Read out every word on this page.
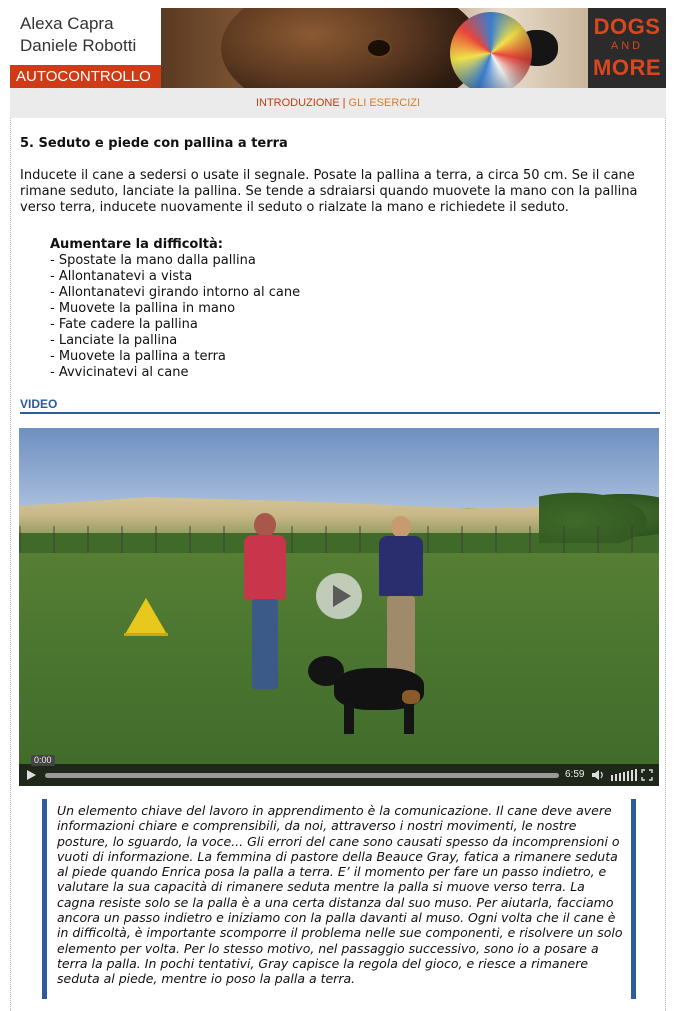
Alexa Capra
Daniele Robotti
AUTOCONTROLLO
DOGS
AND
MORE
INTRODUZIONE | GLI ESERCIZI
5. Seduto e piede con pallina a terra

Inducete il cane a sedersi o usate il segnale. Posate la pallina a terra, a circa 50 cm. Se il cane rimane seduto, lanciate la pallina. Se tende a sdraiarsi quando muovete la mano con la pallina verso terra, inducete nuovamente il seduto o rialzate la mano e richiedete il seduto.

Aumentare la difficoltà:
- Spostate la mano dalla pallina
- Allontanatevi a vista
- Allontanatevi girando intorno al cane
- Muovete la pallina in mano
- Fate cadere la pallina
- Lanciate la pallina
- Muovete la pallina a terra
- Avvicinatevi al cane
VIDEO
0:00
6:59

Un elemento chiave del lavoro in apprendimento è la comunicazione. Il cane deve avere informazioni chiare e comprensibili, da noi, attraverso i nostri movimenti, le nostre posture, lo sguardo, la voce... Gli errori del cane sono causati spesso da incomprensioni o vuoti di informazione. La femmina di pastore della Beauce Gray, fatica a rimanere seduta al piede quando Enrica posa la palla a terra. E’ il momento per fare un passo indietro, e valutare la sua capacità di rimanere seduta mentre la palla si muove verso terra. La cagna resiste solo se la palla è a una certa distanza dal suo muso. Per aiutarla, facciamo ancora un passo indietro e iniziamo con la palla davanti al muso. Ogni volta che il cane è in difficoltà, è importante scomporre il problema nelle sue componenti, e risolvere un solo elemento per volta. Per lo stesso motivo, nel passaggio successivo, sono io a posare a terra la palla. In pochi tentativi, Gray capisce la regola del gioco, e riesce a rimanere seduta al piede, mentre io poso la palla a terra.
